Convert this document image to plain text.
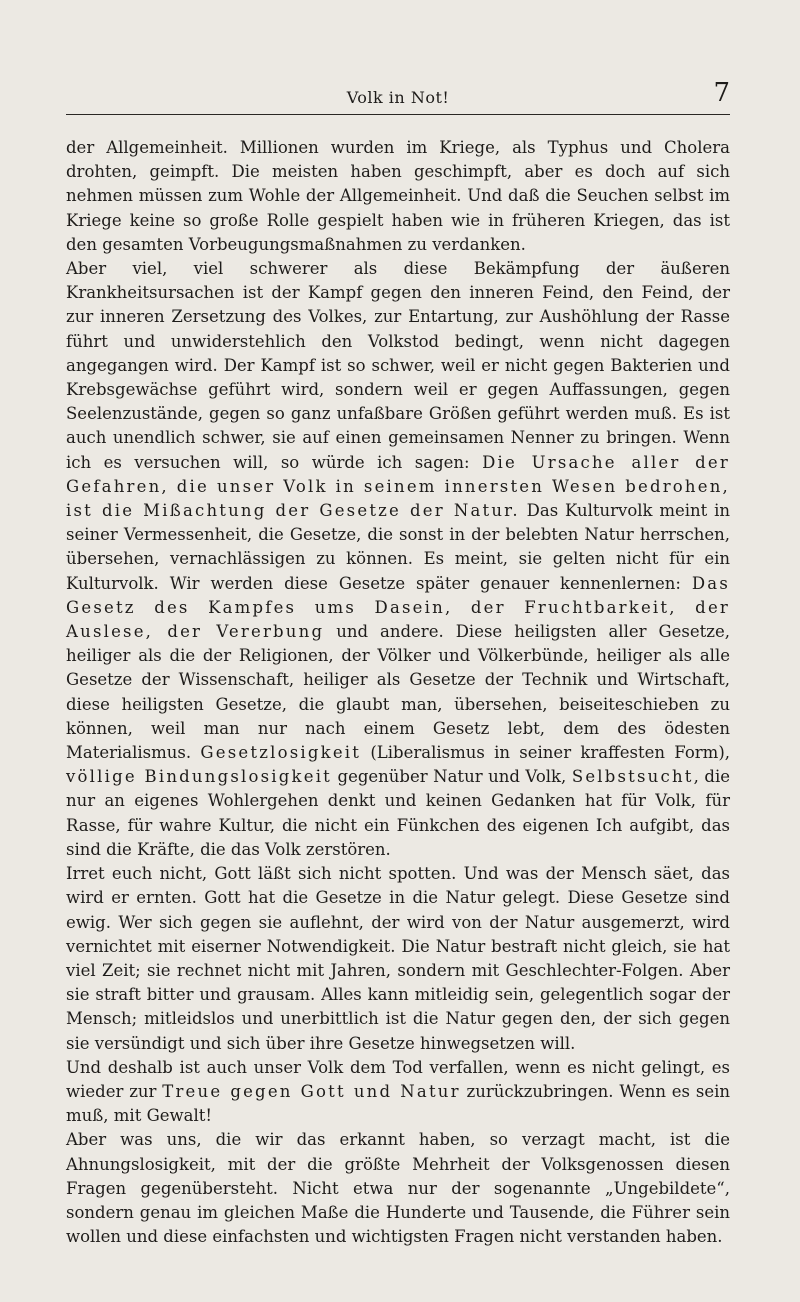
Volk in Not!	7

der Allgemeinheit. Millionen wurden im Kriege, als Typhus und Cholera drohten, geimpft. Die meisten haben geschimpft, aber es doch auf sich nehmen müssen zum Wohle der Allgemeinheit. Und daß die Seuchen selbst im Kriege keine so große Rolle gespielt haben wie in früheren Kriegen, das ist den gesamten Vorbeugungsmaßnahmen zu verdanken.

Aber viel, viel schwerer als diese Bekämpfung der äußeren Krankheitsursachen ist der Kampf gegen den inneren Feind, den Feind, der zur inneren Zersetzung des Volkes, zur Entartung, zur Aushöhlung der Rasse führt und unwiderstehlich den Volkstod bedingt, wenn nicht dagegen angegangen wird. Der Kampf ist so schwer, weil er nicht gegen Bakterien und Krebsgewächse geführt wird, sondern weil er gegen Auffassungen, gegen Seelenzustände, gegen so ganz unfaßbare Größen geführt werden muß. Es ist auch unendlich schwer, sie auf einen gemeinsamen Nenner zu bringen. Wenn ich es versuchen will, so würde ich sagen: Die Ursache aller der Gefahren, die unser Volk in seinem innersten Wesen bedrohen, ist die Mißachtung der Gesetze der Natur. Das Kulturvolk meint in seiner Vermessenheit, die Gesetze, die sonst in der belebten Natur herrschen, übersehen, vernachlässigen zu können. Es meint, sie gelten nicht für ein Kulturvolk. Wir werden diese Gesetze später genauer kennenlernen: Das Gesetz des Kampfes ums Dasein, der Fruchtbarkeit, der Auslese, der Vererbung und andere. Diese heiligsten aller Gesetze, heiliger als die der Religionen, der Völker und Völkerbünde, heiliger als alle Gesetze der Wissenschaft, heiliger als Gesetze der Technik und Wirtschaft, diese heiligsten Gesetze, die glaubt man, übersehen, beiseiteschieben zu können, weil man nur nach einem Gesetz lebt, dem des ödesten Materialismus. Gesetzlosigkeit (Liberalismus in seiner kraffesten Form), völlige Bindungslosigkeit gegenüber Natur und Volk, Selbstsucht, die nur an eigenes Wohlergehen denkt und keinen Gedanken hat für Volk, für Rasse, für wahre Kultur, die nicht ein Fünkchen des eigenen Ich aufgibt, das sind die Kräfte, die das Volk zerstören.

Irret euch nicht, Gott läßt sich nicht spotten. Und was der Mensch säet, das wird er ernten. Gott hat die Gesetze in die Natur gelegt. Diese Gesetze sind ewig. Wer sich gegen sie auflehnt, der wird von der Natur ausgemerzt, wird vernichtet mit eiserner Notwendigkeit. Die Natur bestraft nicht gleich, sie hat viel Zeit; sie rechnet nicht mit Jahren, sondern mit Geschlechter-Folgen. Aber sie straft bitter und grausam. Alles kann mitleidig sein, gelegentlich sogar der Mensch; mitleidslos und unerbittlich ist die Natur gegen den, der sich gegen sie versündigt und sich über ihre Gesetze hinwegsetzen will.

Und deshalb ist auch unser Volk dem Tod verfallen, wenn es nicht gelingt, es wieder zur Treue gegen Gott und Natur zurückzubringen. Wenn es sein muß, mit Gewalt!

Aber was uns, die wir das erkannt haben, so verzagt macht, ist die Ahnungslosigkeit, mit der die größte Mehrheit der Volksgenossen diesen Fragen gegenübersteht. Nicht etwa nur der sogenannte „Ungebildete“, sondern genau im gleichen Maße die Hunderte und Tausende, die Führer sein wollen und diese einfachsten und wichtigsten Fragen nicht verstanden haben.
